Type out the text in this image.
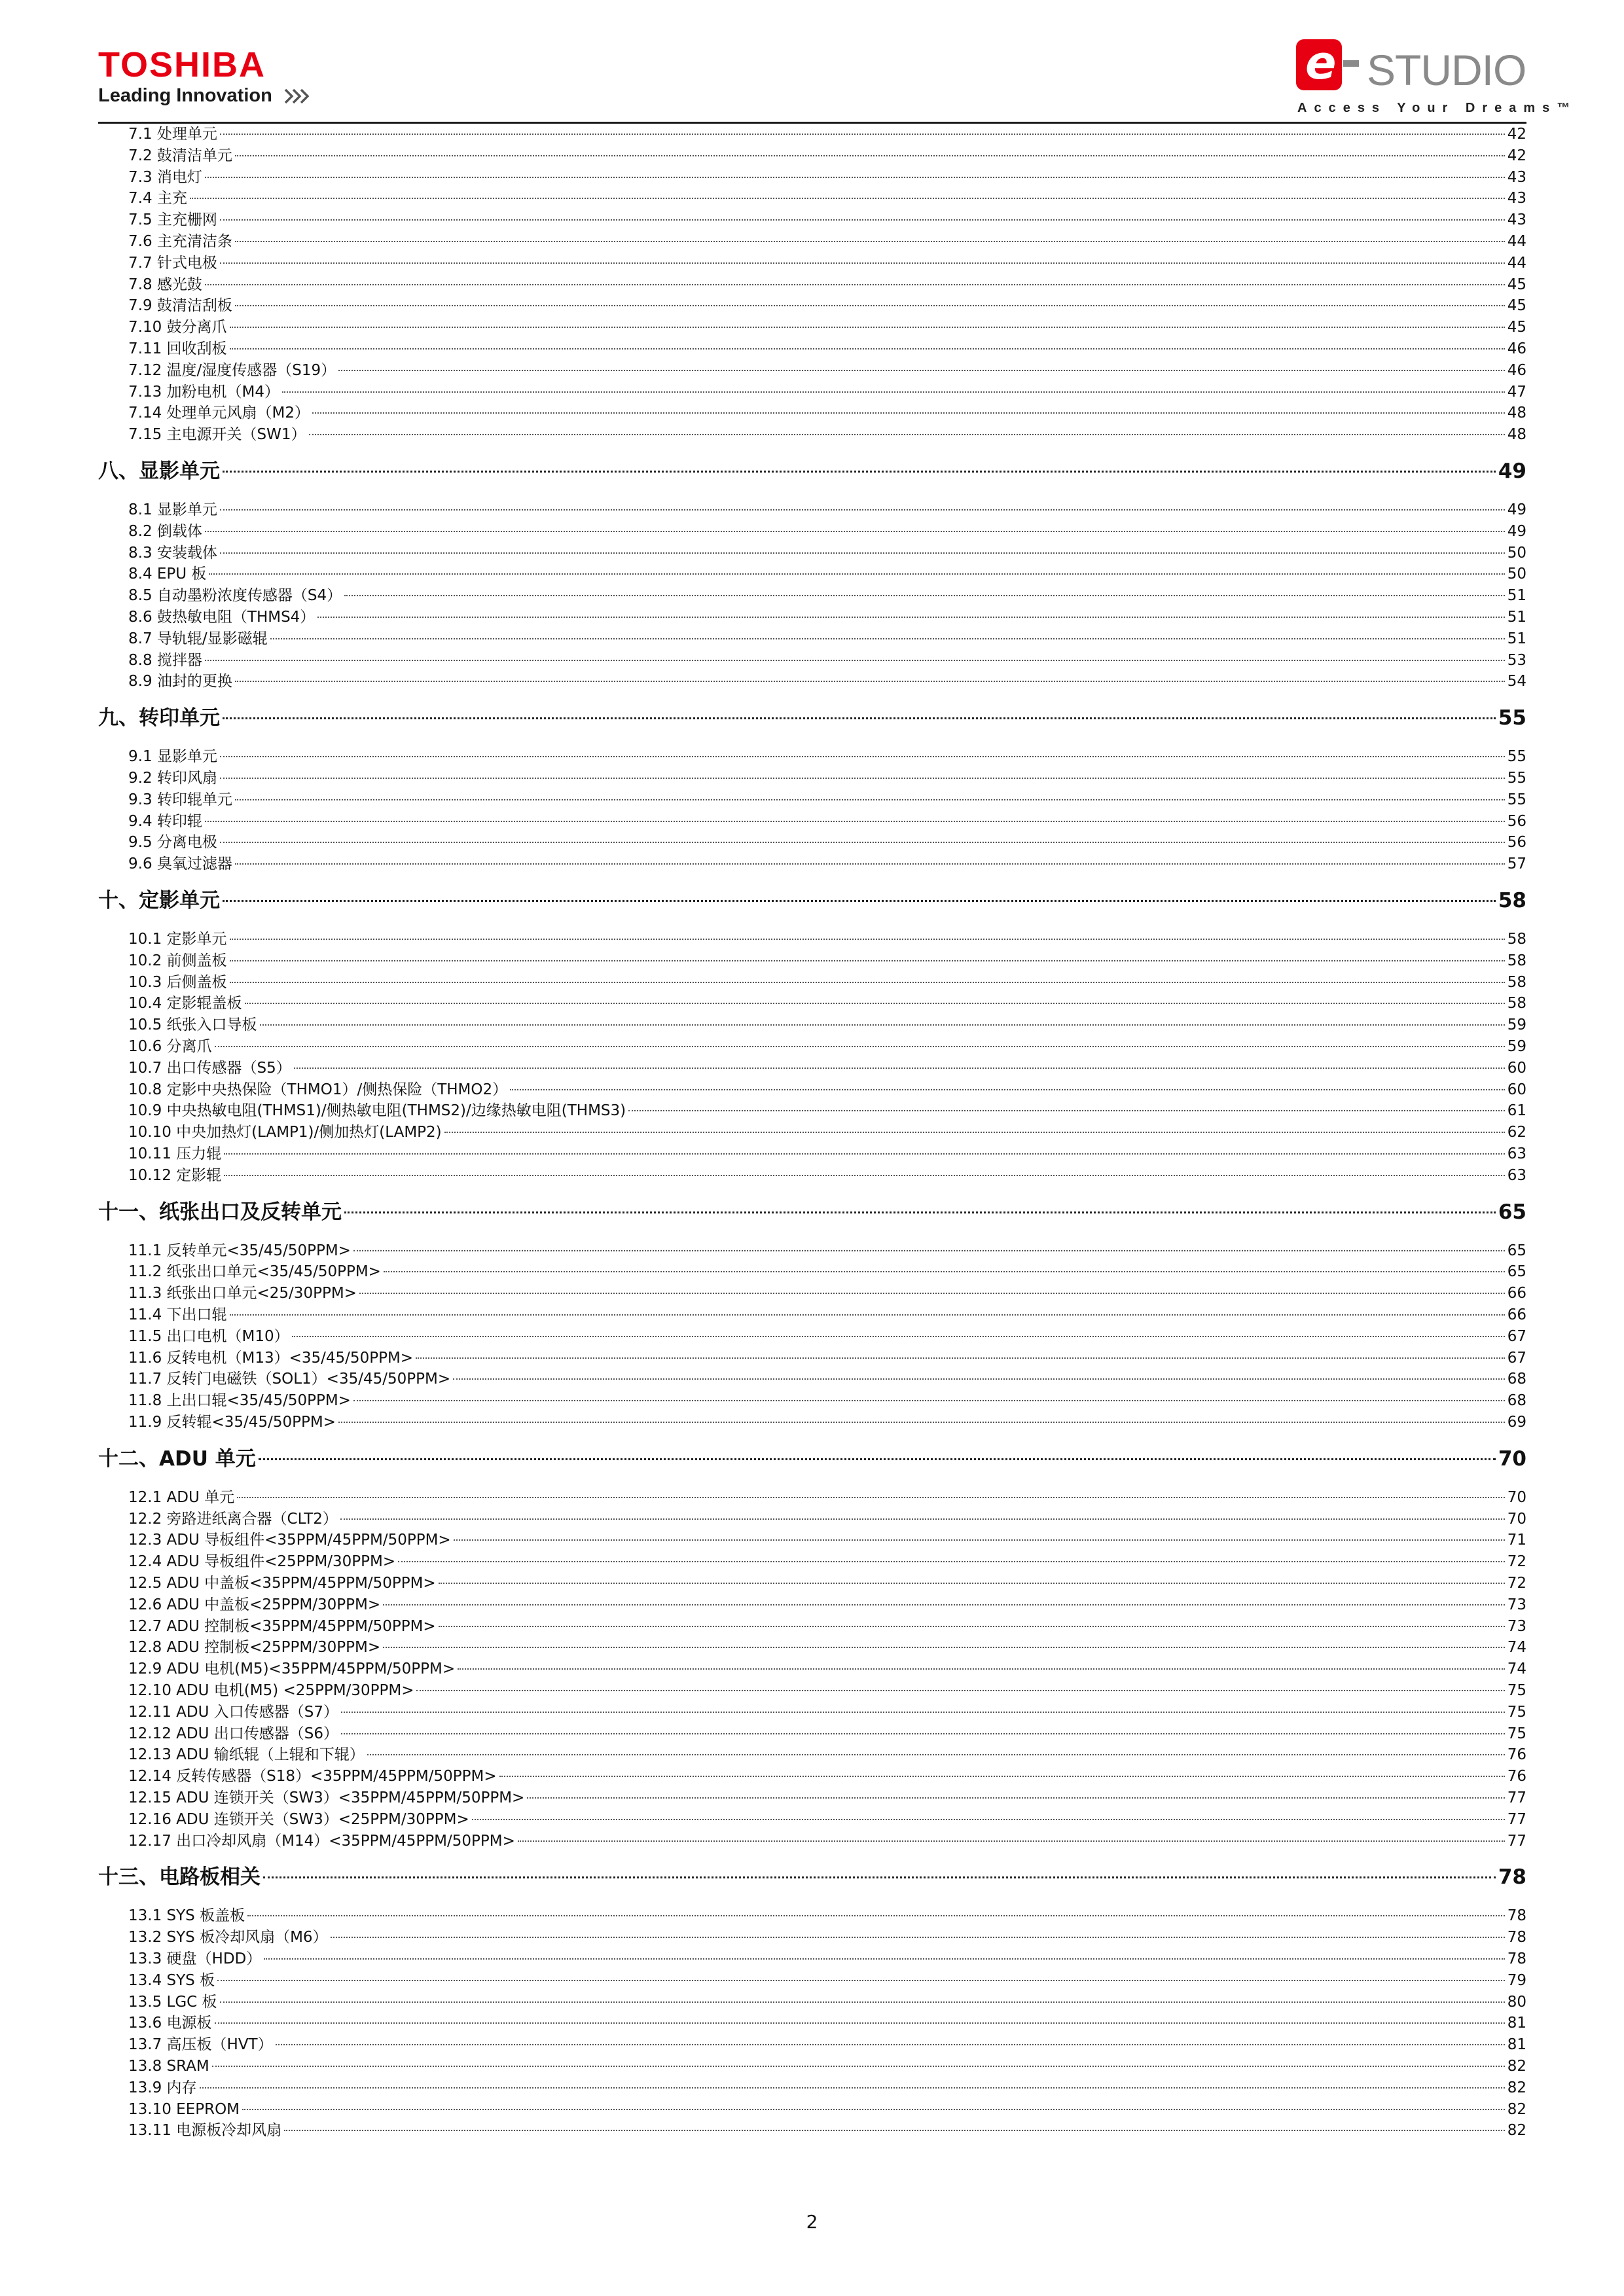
TOSHIBA
Leading Innovation
e STUDIO
Access Your Dreams™
7.1 处理单元	42
7.2 鼓清洁单元	42
7.3 消电灯	43
7.4 主充	43
7.5 主充栅网	43
7.6 主充清洁条	44
7.7 针式电极	44
7.8 感光鼓	45
7.9 鼓清洁刮板	45
7.10 鼓分离爪	45
7.11 回收刮板	46
7.12 温度/湿度传感器（S19）	46
7.13 加粉电机（M4）	47
7.14 处理单元风扇（M2）	48
7.15 主电源开关（SW1）	48
八、显影单元	49
8.1 显影单元	49
8.2 倒载体	49
8.3 安装载体	50
8.4 EPU 板	50
8.5 自动墨粉浓度传感器（S4）	51
8.6 鼓热敏电阻（THMS4）	51
8.7 导轨辊/显影磁辊	51
8.8 搅拌器	53
8.9 油封的更换	54
九、转印单元	55
9.1 显影单元	55
9.2 转印风扇	55
9.3 转印辊单元	55
9.4 转印辊	56
9.5 分离电极	56
9.6 臭氧过滤器	57
十、定影单元	58
10.1 定影单元	58
10.2 前侧盖板	58
10.3 后侧盖板	58
10.4 定影辊盖板	58
10.5 纸张入口导板	59
10.6 分离爪	59
10.7 出口传感器（S5）	60
10.8 定影中央热保险（THMO1）/侧热保险（THMO2）	60
10.9 中央热敏电阻(THMS1)/侧热敏电阻(THMS2)/边缘热敏电阻(THMS3)	61
10.10 中央加热灯(LAMP1)/侧加热灯(LAMP2)	62
10.11 压力辊	63
10.12 定影辊	63
十一、纸张出口及反转单元	65
11.1 反转单元<35/45/50PPM>	65
11.2 纸张出口单元<35/45/50PPM>	65
11.3 纸张出口单元<25/30PPM>	66
11.4 下出口辊	66
11.5 出口电机（M10）	67
11.6 反转电机（M13）<35/45/50PPM>	67
11.7 反转门电磁铁（SOL1）<35/45/50PPM>	68
11.8 上出口辊<35/45/50PPM>	68
11.9 反转辊<35/45/50PPM>	69
十二、ADU 单元	70
12.1 ADU 单元	70
12.2 旁路进纸离合器（CLT2）	70
12.3 ADU 导板组件<35PPM/45PPM/50PPM>	71
12.4 ADU 导板组件<25PPM/30PPM>	72
12.5 ADU 中盖板<35PPM/45PPM/50PPM>	72
12.6 ADU 中盖板<25PPM/30PPM>	73
12.7 ADU 控制板<35PPM/45PPM/50PPM>	73
12.8 ADU 控制板<25PPM/30PPM>	74
12.9 ADU 电机(M5)<35PPM/45PPM/50PPM>	74
12.10 ADU 电机(M5) <25PPM/30PPM>	75
12.11 ADU 入口传感器（S7）	75
12.12 ADU 出口传感器（S6）	75
12.13 ADU 输纸辊（上辊和下辊）	76
12.14 反转传感器（S18）<35PPM/45PPM/50PPM>	76
12.15 ADU 连锁开关（SW3）<35PPM/45PPM/50PPM>	77
12.16 ADU 连锁开关（SW3）<25PPM/30PPM>	77
12.17 出口冷却风扇（M14）<35PPM/45PPM/50PPM>	77
十三、电路板相关	78
13.1 SYS 板盖板	78
13.2 SYS 板冷却风扇（M6）	78
13.3 硬盘（HDD）	78
13.4 SYS 板	79
13.5 LGC 板	80
13.6 电源板	81
13.7 高压板（HVT）	81
13.8 SRAM	82
13.9 内存	82
13.10 EEPROM	82
13.11 电源板冷却风扇	82
2
